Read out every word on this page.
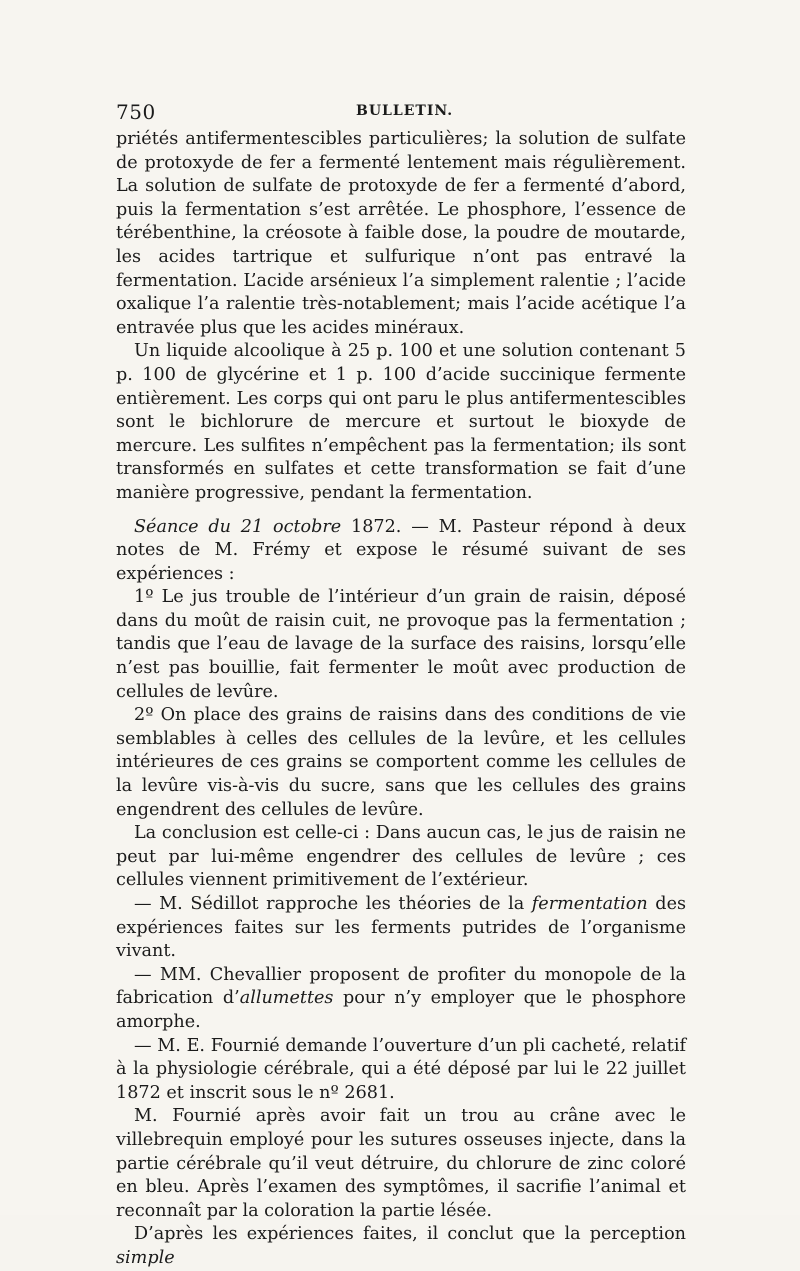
750	BULLETIN.

priétés antifermentescibles particulières; la solution de sulfate de protoxyde de fer a fermenté lentement mais régulièrement. La solution de sulfate de protoxyde de fer a fermenté d’abord, puis la fermentation s’est arrêtée. Le phosphore, l’essence de térébenthine, la créosote à faible dose, la poudre de moutarde, les acides tartrique et sulfurique n’ont pas entravé la fermentation. L’acide arsénieux l’a simplement ralentie ; l’acide oxalique l’a ralentie très-notablement; mais l’acide acétique l’a entravée plus que les acides minéraux.

Un liquide alcoolique à 25 p. 100 et une solution contenant 5 p. 100 de glycérine et 1 p. 100 d’acide succinique fermente entièrement. Les corps qui ont paru le plus antifermentescibles sont le bichlorure de mercure et surtout le bioxyde de mercure. Les sulfites n’empêchent pas la fermentation; ils sont transformés en sulfates et cette transformation se fait d’une manière progressive, pendant la fermentation.

Séance du 21 octobre 1872. — M. Pasteur répond à deux notes de M. Frémy et expose le résumé suivant de ses expériences :

1º Le jus trouble de l’intérieur d’un grain de raisin, déposé dans du moût de raisin cuit, ne provoque pas la fermentation ; tandis que l’eau de lavage de la surface des raisins, lorsqu’elle n’est pas bouillie, fait fermenter le moût avec production de cellules de levûre.

2º On place des grains de raisins dans des conditions de vie semblables à celles des cellules de la levûre, et les cellules intérieures de ces grains se comportent comme les cellules de la levûre vis-à-vis du sucre, sans que les cellules des grains engendrent des cellules de levûre.

La conclusion est celle-ci : Dans aucun cas, le jus de raisin ne peut par lui-même engendrer des cellules de levûre ; ces cellules viennent primitivement de l’extérieur.

— M. Sédillot rapproche les théories de la fermentation des expériences faites sur les ferments putrides de l’organisme vivant.

— MM. Chevallier proposent de profiter du monopole de la fabrication d’allumettes pour n’y employer que le phosphore amorphe.

— M. E. Fournié demande l’ouverture d’un pli cacheté, relatif à la physiologie cérébrale, qui a été déposé par lui le 22 juillet 1872 et inscrit sous le nº 2681.

M. Fournié après avoir fait un trou au crâne avec le villebrequin employé pour les sutures osseuses injecte, dans la partie cérébrale qu’il veut détruire, du chlorure de zinc coloré en bleu. Après l’examen des symptômes, il sacrifie l’animal et reconnaît par la coloration la partie lésée.

D’après les expériences faites, il conclut que la perception simple
